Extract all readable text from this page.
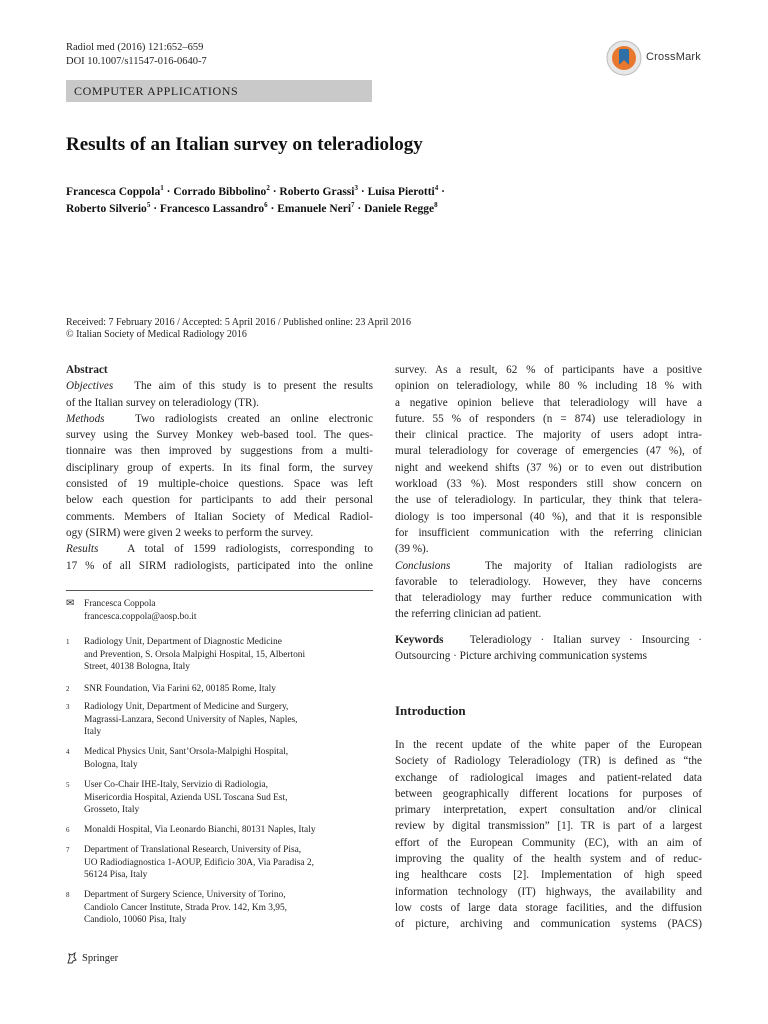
Radiol med (2016) 121:652–659
DOI 10.1007/s11547-016-0640-7	CrossMark
COMPUTER APPLICATIONS
Results of an Italian survey on teleradiology
Francesca Coppola$^1$ · Corrado Bibbolino$^2$ · Roberto Grassi$^3$ · Luisa Pierotti$^4$ ·
Roberto Silverio$^5$ · Francesco Lassandro$^6$ · Emanuele Neri$^7$ · Daniele Regge$^8$
Received: 7 February 2016 / Accepted: 5 April 2016 / Published online: 23 April 2016
© Italian Society of Medical Radiology 2016
Abstract
Objectives The aim of this study is to present the results
of the Italian survey on teleradiology (TR).
Methods	Two radiologists created an online electronic
survey using the Survey Monkey web-based tool. The ques-
tionnaire was then improved by suggestions from a multi-
disciplinary group of experts. In its final form, the survey
consisted of 19 multiple-choice questions. Space was left
below each question for participants to add their personal
comments. Members of Italian Society of Medical Radiol-
ogy (SIRM) were given 2 weeks to perform the survey.
Results	A total of 1599 radiologists, corresponding to
17 % of all SIRM radiologists, participated into the online
✉ Francesca Coppola
francesca.coppola@aosp.bo.it
1 Radiology Unit, Department of Diagnostic Medicine
and Prevention, S. Orsola Malpighi Hospital, 15, Albertoni
Street, 40138 Bologna, Italy
2 SNR Foundation, Via Farini 62, 00185 Rome, Italy
3 Radiology Unit, Department of Medicine and Surgery,
Magrassi-Lanzara, Second University of Naples, Naples,
Italy
4 Medical Physics Unit, Sant’Orsola-Malpighi Hospital,
Bologna, Italy
5 User Co-Chair IHE-Italy, Servizio di Radiologia,
Misericordia Hospital, Azienda USL Toscana Sud Est,
Grosseto, Italy
6 Monaldi Hospital, Via Leonardo Bianchi, 80131 Naples, Italy
7 Department of Translational Research, University of Pisa,
UO Radiodiagnostica 1-AOUP, Edificio 30A, Via Paradisa 2,
56124 Pisa, Italy
8 Department of Surgery Science, University of Torino,
Candiolo Cancer Institute, Strada Prov. 142, Km 3,95,
Candiolo, 10060 Pisa, Italy
survey. As a result, 62 % of participants have a positive
opinion on teleradiology, while 80 % including 18 % with
a negative opinion believe that teleradiology will have a
future. 55 % of responders (n = 874) use teleradiology in
their clinical practice. The majority of users adopt intra-
mural teleradiology for coverage of emergencies (47 %), of
night and weekend shifts (37 %) or to even out distribution
workload (33 %). Most responders still show concern on
the use of teleradiology. In particular, they think that telera-
diology is too impersonal (40 %), and that it is responsible
for insufficient communication with the referring clinician
(39 %).
Conclusions	The majority of Italian radiologists are
favorable to teleradiology. However, they have concerns
that teleradiology may further reduce communication with
the referring clinician ad patient.
Keywords Teleradiology · Italian survey · Insourcing ·
Outsourcing · Picture archiving communication systems
Introduction
In the recent update of the white paper of the European
Society of Radiology Teleradiology (TR) is defined as “the
exchange of radiological images and patient-related data
between geographically different locations for purposes of
primary interpretation, expert consultation and/or clinical
review by digital transmission” [1]. TR is part of a largest
effort of the European Community (EC), with an aim of
improving the quality of the health system and of reduc-
ing healthcare costs [2]. Implementation of high speed
information technology (IT) highways, the availability and
low costs of large data storage facilities, and the diffusion
of picture, archiving and communication systems (PACS)
Springer
